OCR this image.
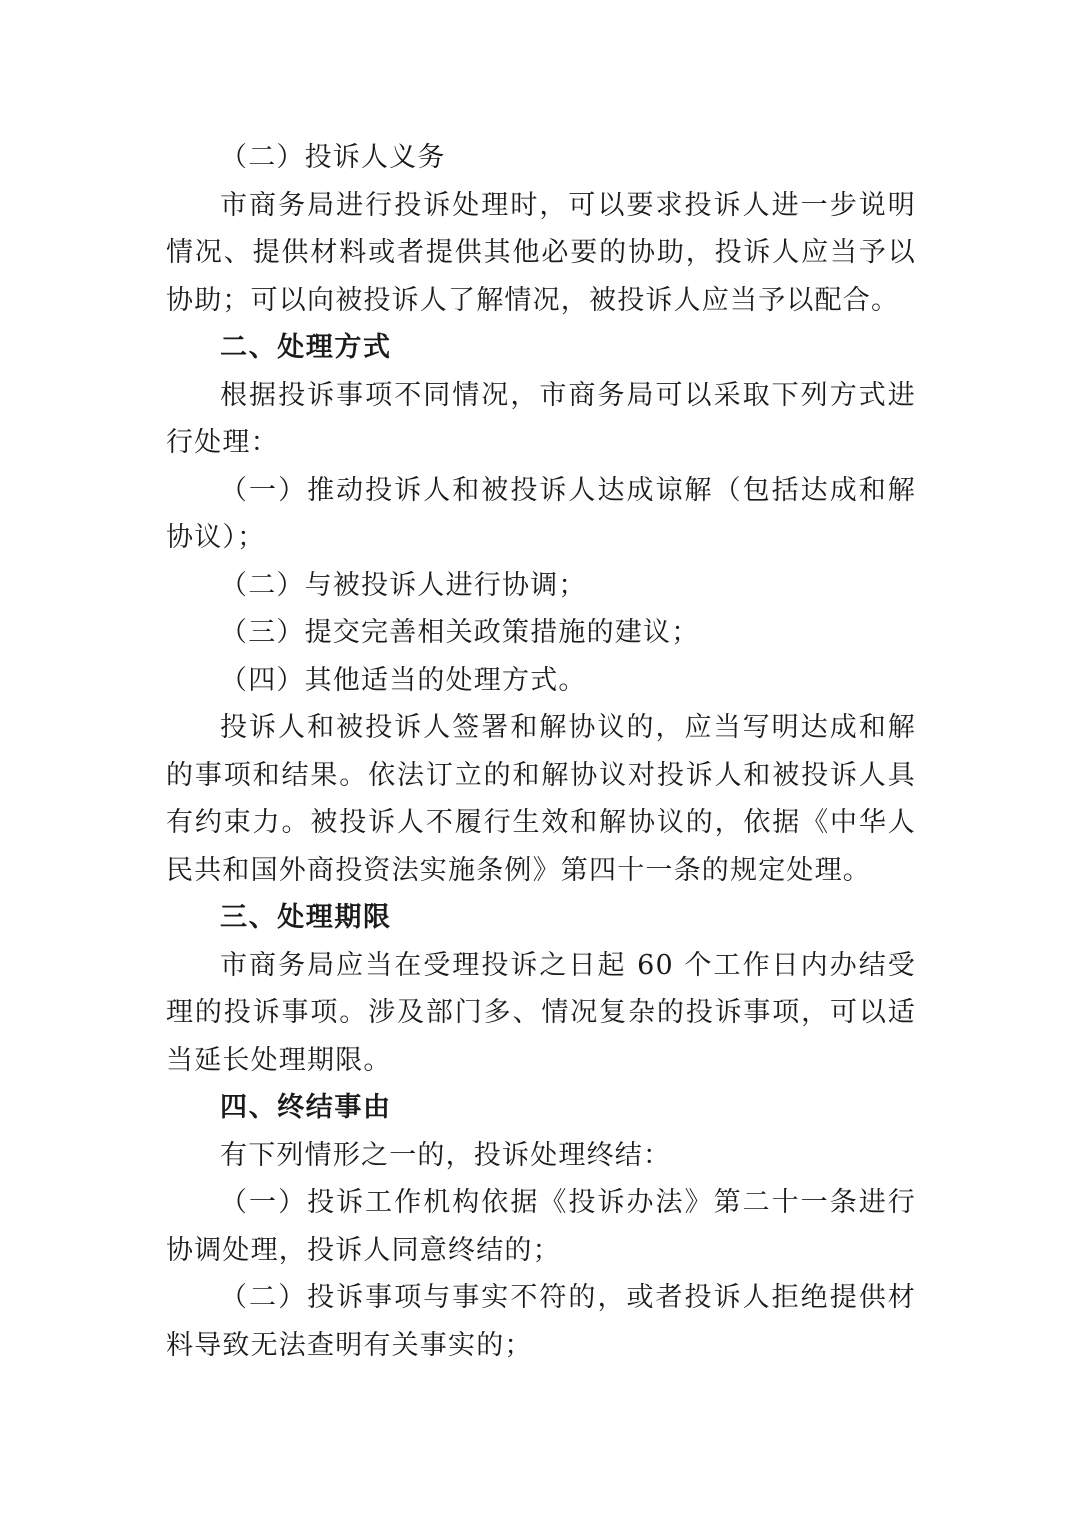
（二）投诉人义务

市商务局进行投诉处理时，可以要求投诉人进一步说明情况、提供材料或者提供其他必要的协助，投诉人应当予以协助；可以向被投诉人了解情况，被投诉人应当予以配合。

二、处理方式

根据投诉事项不同情况，市商务局可以采取下列方式进行处理：

（一）推动投诉人和被投诉人达成谅解（包括达成和解协议）；

（二）与被投诉人进行协调；

（三）提交完善相关政策措施的建议；

（四）其他适当的处理方式。

投诉人和被投诉人签署和解协议的，应当写明达成和解的事项和结果。依法订立的和解协议对投诉人和被投诉人具有约束力。被投诉人不履行生效和解协议的，依据《中华人民共和国外商投资法实施条例》第四十一条的规定处理。

三、处理期限

市商务局应当在受理投诉之日起 60 个工作日内办结受理的投诉事项。涉及部门多、情况复杂的投诉事项，可以适当延长处理期限。

四、终结事由

有下列情形之一的，投诉处理终结：

（一）投诉工作机构依据《投诉办法》第二十一条进行协调处理，投诉人同意终结的；

（二）投诉事项与事实不符的，或者投诉人拒绝提供材料导致无法查明有关事实的；
